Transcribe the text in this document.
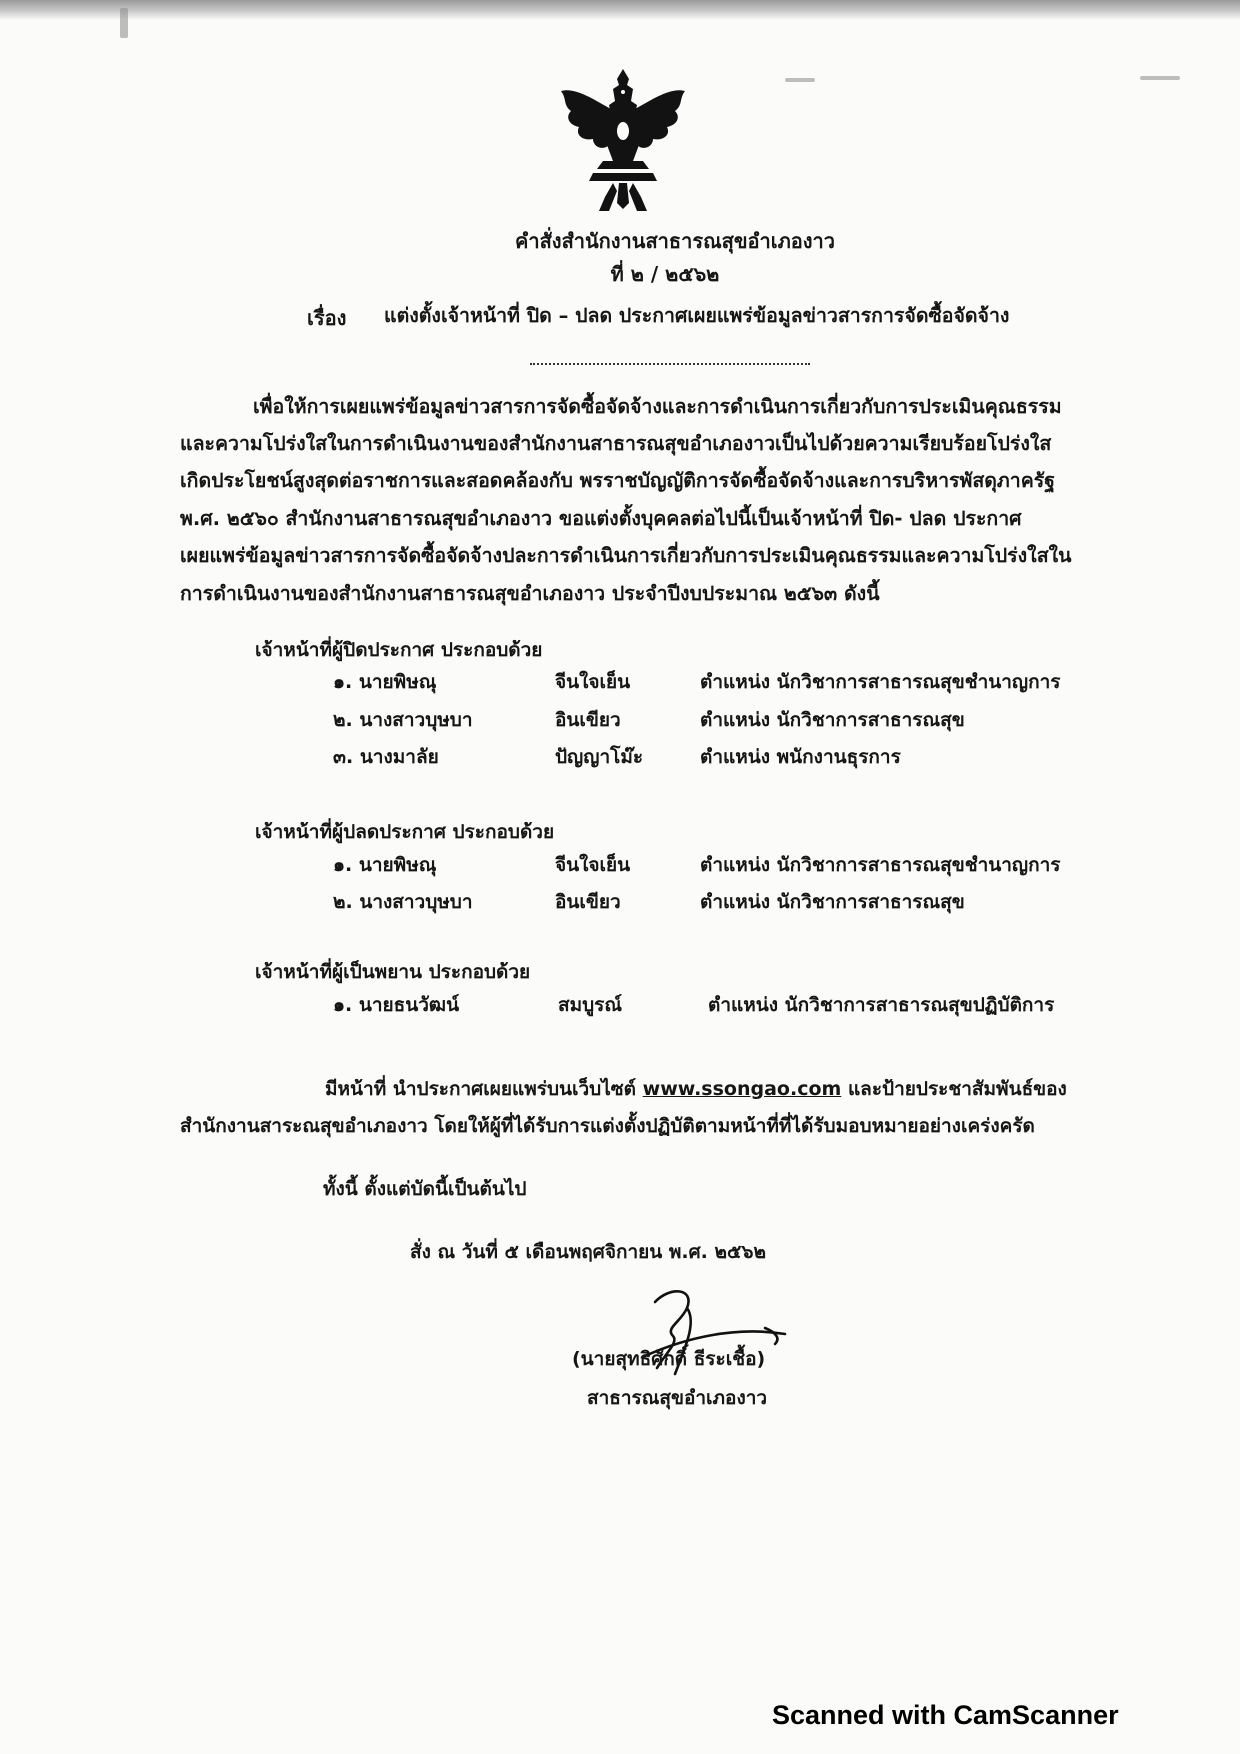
คำสั่งสำนักงานสาธารณสุขอำเภองาว
ที่ ๒ / ๒๕๖๒
เรื่อง แต่งตั้งเจ้าหน้าที่ ปิด – ปลด ประกาศเผยแพร่ข้อมูลข่าวสารการจัดซื้อจัดจ้าง
เพื่อให้การเผยแพร่ข้อมูลข่าวสารการจัดซื้อจัดจ้างและการดำเนินการเกี่ยวกับการประเมินคุณธรรม
และความโปร่งใสในการดำเนินงานของสำนักงานสาธารณสุขอำเภองาวเป็นไปด้วยความเรียบร้อยโปร่งใส
เกิดประโยชน์สูงสุดต่อราชการและสอดคล้องกับ พรราชบัญญัติการจัดซื้อจัดจ้างและการบริหารพัสดุภาครัฐ
พ.ศ. ๒๕๖๐ สำนักงานสาธารณสุขอำเภองาว ขอแต่งตั้งบุคคลต่อไปนี้เป็นเจ้าหน้าที่ ปิด- ปลด ประกาศ
เผยแพร่ข้อมูลข่าวสารการจัดซื้อจัดจ้างปละการดำเนินการเกี่ยวกับการประเมินคุณธรรมและความโปร่งใสใน
การดำเนินงานของสำนักงานสาธารณสุขอำเภองาว ประจำปีงบประมาณ ๒๕๖๓ ดังนี้
เจ้าหน้าที่ผู้ปิดประกาศ ประกอบด้วย
๑. นายพิษณุ	จีนใจเย็น	ตำแหน่ง นักวิชาการสาธารณสุขชำนาญการ
๒. นางสาวบุษบา	อินเขียว	ตำแหน่ง นักวิชาการสาธารณสุข
๓. นางมาลัย	ปัญญาโม๊ะ	ตำแหน่ง พนักงานธุรการ
เจ้าหน้าที่ผู้ปลดประกาศ ประกอบด้วย
๑. นายพิษณุ	จีนใจเย็น	ตำแหน่ง นักวิชาการสาธารณสุขชำนาญการ
๒. นางสาวบุษบา	อินเขียว	ตำแหน่ง นักวิชาการสาธารณสุข
เจ้าหน้าที่ผู้เป็นพยาน ประกอบด้วย
๑. นายธนวัฒน์	สมบูรณ์	ตำแหน่ง นักวิชาการสาธารณสุขปฏิบัติการ
มีหน้าที่ นำประกาศเผยแพร่บนเว็บไซต์ www.ssongao.com และป้ายประชาสัมพันธ์ของ
สำนักงานสาระณสุขอำเภองาว โดยให้ผู้ที่ได้รับการแต่งตั้งปฏิบัติตามหน้าที่ที่ได้รับมอบหมายอย่างเคร่งครัด
ทั้งนี้ ตั้งแต่บัดนี้เป็นต้นไป
สั่ง ณ วันที่ ๕ เดือนพฤศจิกายน พ.ศ. ๒๕๖๒
(นายสุทธิศักดิ์ ธีระเชื้อ)
สาธารณสุขอำเภองาว
Scanned with CamScanner
